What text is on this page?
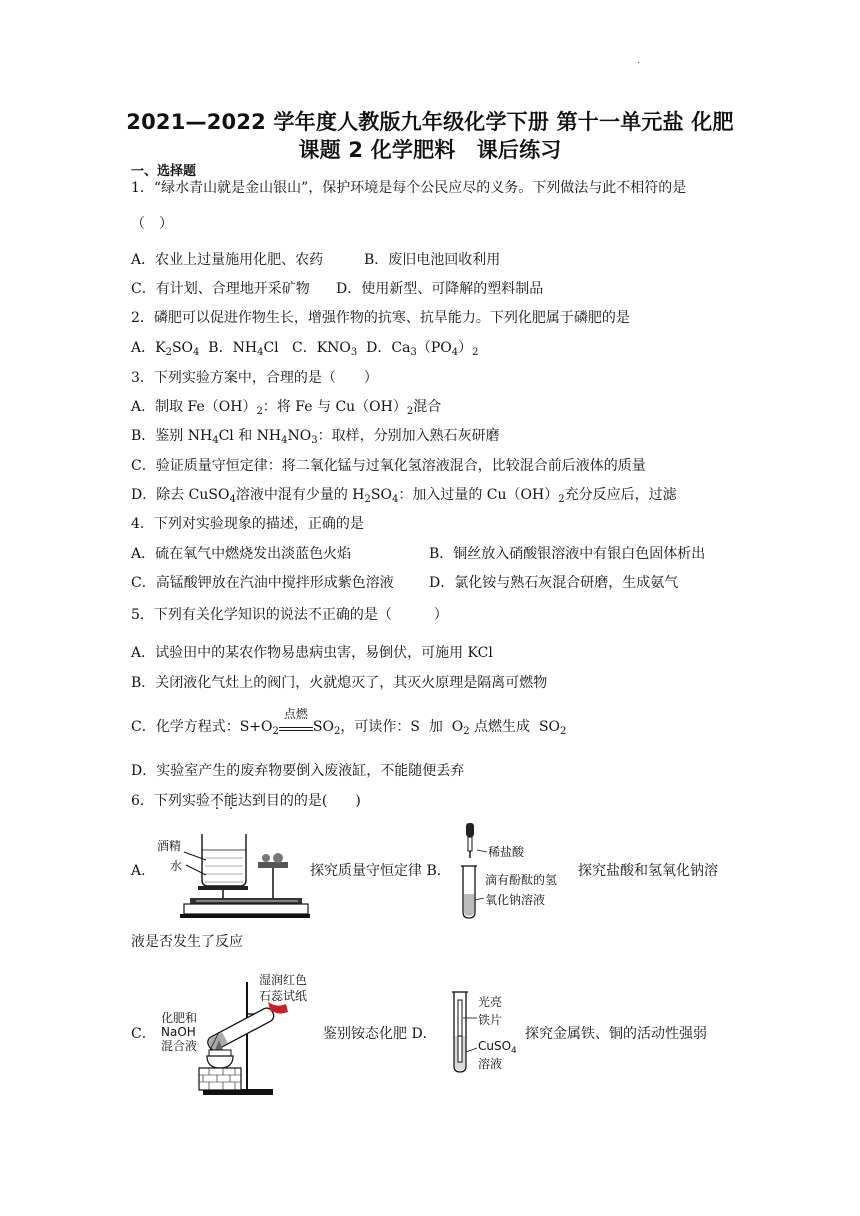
·
2021—2022 学年度人教版九年级化学下册 第十一单元盐 化肥
课题 2 化学肥料　课后练习
一、选择题
1．“绿水青山就是金山银山”，保护环境是每个公民应尽的义务。下列做法与此不相符的是
（　）
A．农业上过量施用化肥、农药	B．废旧电池回收利用
C．有计划、合理地开采矿物 D．使用新型、可降解的塑料制品
2．磷肥可以促进作物生长，增强作物的抗寒、抗旱能力。下列化肥属于磷肥的是
A．$K_2SO_4$  B．$NH_4Cl$   C．$KNO_3$  D．$Ca_3(PO_4)_2$
3．下列实验方案中，合理的是（　　）
A．制取 $Fe(OH)_2$：将 Fe 与 $Cu(OH)_2$混合
B．鉴别 $NH_4Cl$ 和 $NH_4NO_3$：取样，分别加入熟石灰研磨
C．验证质量守恒定律：将二氧化锰与过氧化氢溶液混合，比较混合前后液体的质量
D．除去 CuSO$_4$溶液中混有少量的 $H_2SO_4$：加入过量的 $Cu(OH)_2$充分反应后，过滤
4．下列对实验现象的描述，正确的是
A．硫在氧气中燃烧发出淡蓝色火焰	B．铜丝放入硝酸银溶液中有银白色固体析出
C．高锰酸钾放在汽油中搅拌形成紫色溶液	D．氯化铵与熟石灰混合研磨，生成氨气
5．下列有关化学知识的说法不正确的是（　　　）
A．试验田中的某农作物易患病虫害，易倒伏，可施用 KCl
B．关闭液化气灶上的阀门，火就熄灭了，其灭火原理是隔离可燃物
C．化学方程式：$S+O_2$
点燃
$SO_2$，可读作：S  加  $O_2$ 点燃生成  $SO_2$
D．实验室产生的废弃物要倒入废液缸，不能随便丢弃
6．下列实验不能达到目的的是(　　)
A．
酒精
水	探究质量守恒定律 B．
稀盐酸
滴有酚酞的氢
氧化钠溶液
探究盐酸和氢氧化钠溶
液是否发生了反应
C．
湿润红色
石蕊试纸
化肥和
NaOH
混合液
鉴别铵态化肥 D．
光亮
铁片
CuSO$_4$
溶液
探究金属铁、铜的活动性强弱
